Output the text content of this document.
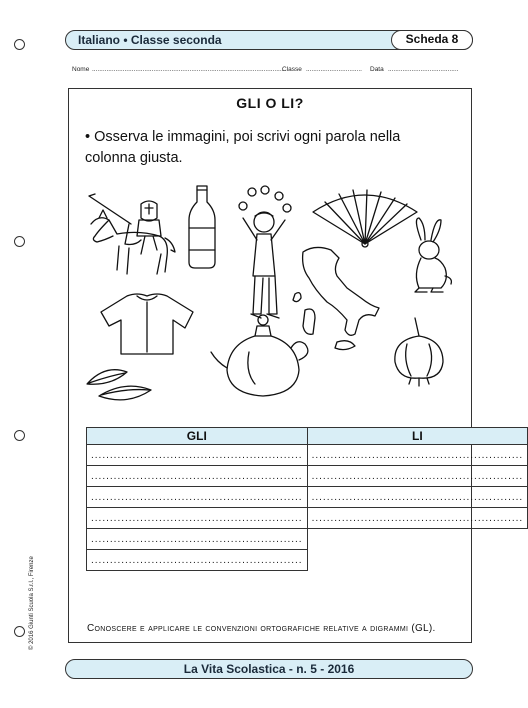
Italiano • Classe seconda	Scheda 8
Nome ..........................................................................................................
Classe ...............................	Data .......................................
GLI O LI?
• Osserva le immagini, poi scrivi ogni parola nella colonna giusta.
GLI	LI
........................................................	........................................................
........................................................	........................................................
........................................................	........................................................
........................................................	........................................................
........................................................	
........................................................	
Conoscere e applicare le convenzioni ortografiche relative a digrammi (GL).
© 2016 Giunti Scuola S.r.l., Firenze
La Vita Scolastica - n. 5 - 2016
